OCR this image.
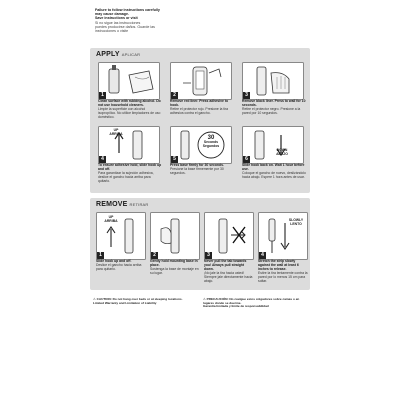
Failure to follow instructions carefully
may cause damage.
Save instructions or visit
Si no sigue las instrucciones
puedes producirse daños. Guarde las
instrucciones o visite
APPLY APLICAR
1
Clean surface with rubbing alcohol. Do not use household cleaners.
Limpie la superficie con alcohol isopropílico. No utilice limpiadores de uso doméstico.
2
Remove red liner. Press adhesive to hook.
Retire el protector rojo. Presione la tira adhesiva contra el gancho.
3
Remove black liner. Press to wall for 10 seconds.
Retire el protector negro. Presione a la pared por 10 segundos.
UP
ARRIBA
4
To ensure adhesive hold, slide hook up and off.
Para garantizar la sujeción adhesiva, deslice el gancho hacia arriba para quitarlo.
30
Seconds
Segundos
5
Press base firmly for 30 seconds.
Presione la base firmemente por 30 segundos.
DOWN
ABAJO
6
Slide hook back on. Wait 1 hour before use.
Coloque el gancho de nuevo, deslizándolo hacia abajo. Espere 1 hora antes de usar.
REMOVE RETIRAR
UP
ARRIBA
1
Slide hook up and off.
Deslice el gancho hacia arriba para quitarlo.
2
Gently hold mounting base in place.
Sostenga la base de montaje en su lugar.
3
Never pull the tab towards you! Always pull straight down.
¡No jale la tira hacia usted! Siempre jale directamente hacia abajo.
SLOWLY
LENTO
4
Stretch the strip slowly against the wall at least 6 inches to release.
Estire la tira lentamente contra la pared por lo menos 15 cm para soltar.
⚠ CAUTION: Do not hang over beds or at sleeping locations.
Limited Warranty and Limitation of Liability
⚠ PRECAUCIÓN: No cuelgue estos colgadores sobre camas o en lugares donde se duerme.
Garantía limitada y límite de responsabilidad
